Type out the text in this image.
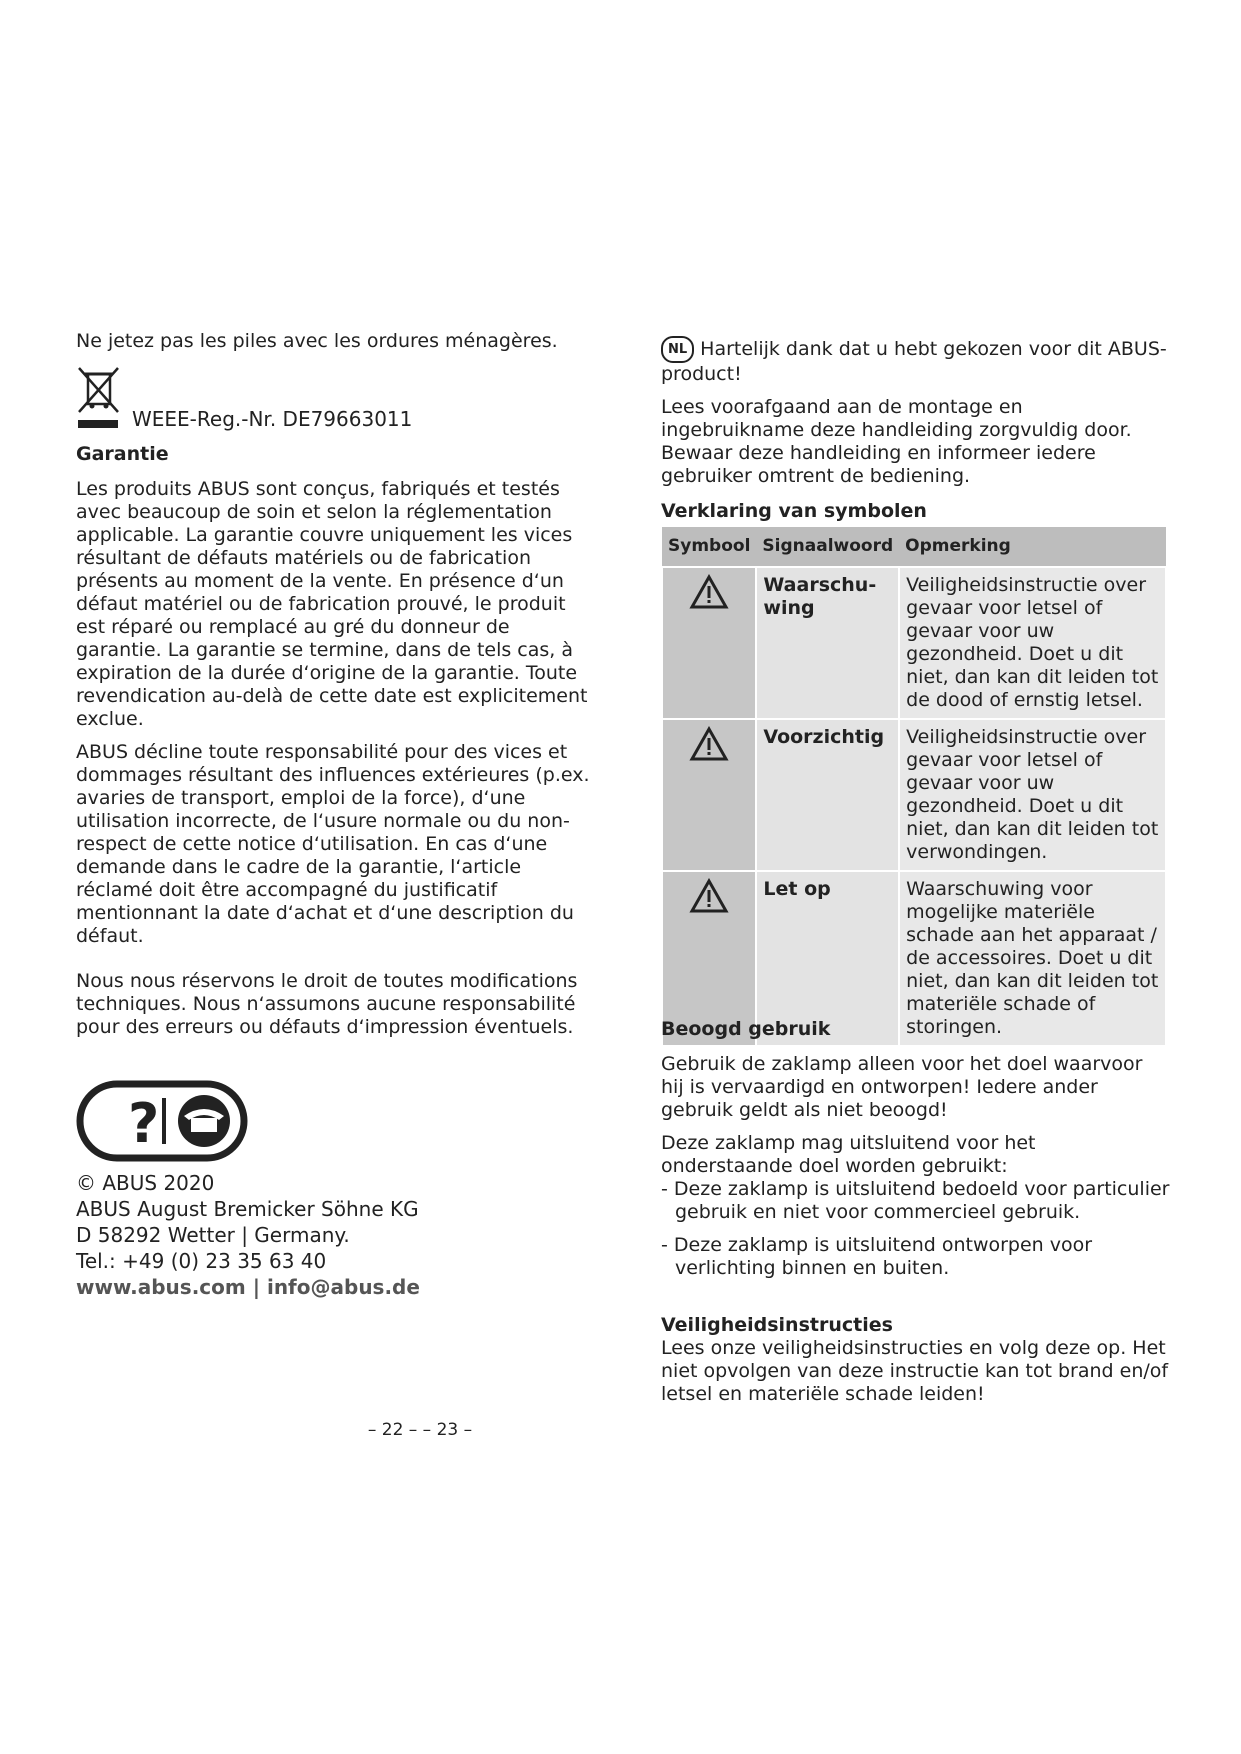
Ne jetez pas les piles avec les ordures ménagères.

WEEE-Reg.-Nr. DE79663011

Garantie

Les produits ABUS sont conçus, fabriqués et testés avec beaucoup de soin et selon la réglementation applicable. La garantie couvre uniquement les vices résultant de défauts matériels ou de fabrication présents au moment de la vente. En présence d‘un défaut matériel ou de fabrication prouvé, le produit est réparé ou remplacé au gré du donneur de garantie. La garantie se termine, dans de tels cas, à expiration de la durée d‘origine de la garantie. Toute revendication au-delà de cette date est explicitement exclue.

ABUS décline toute responsabilité pour des vices et dommages résultant des influences extérieures (p.ex. avaries de transport, emploi de la force), d‘une utilisation incorrecte, de l‘usure normale ou du non-respect de cette notice d‘utilisation. En cas d‘une demande dans le cadre de la garantie, l‘article réclamé doit être accompagné du justificatif mentionnant la date d‘achat et d‘une description du défaut.

Nous nous réservons le droit de toutes modifications techniques. Nous n‘assumons aucune responsabilité pour des erreurs ou défauts d‘impression éventuels.

?
© ABUS 2020
ABUS August Bremicker Söhne KG
D 58292 Wetter | Germany.
Tel.: +49 (0) 23 35 63 40
www.abus.com | info@abus.de
– 22 – – 23 –

NL Hartelijk dank dat u hebt gekozen voor dit ABUS-product!

Lees voorafgaand aan de montage en ingebruikname deze handleiding zorgvuldig door. Bewaar deze handleiding en informeer iedere gebruiker omtrent de bediening.

Verklaring van symbolen

Symbool	Signaalwoord	Opmerking
	Waarschu-wing	Veiligheidsinstructie over gevaar voor letsel of gevaar voor uw gezondheid. Doet u dit niet, dan kan dit leiden tot de dood of ernstig letsel.
	Voorzichtig	Veiligheidsinstructie over gevaar voor letsel of gevaar voor uw gezondheid. Doet u dit niet, dan kan dit leiden tot verwondingen.
	Let op	Waarschuwing voor mogelijke materiële schade aan het apparaat / de accessoires. Doet u dit niet, dan kan dit leiden tot materiële schade of storingen.

Beoogd gebruik

Gebruik de zaklamp alleen voor het doel waarvoor hij is vervaardigd en ontworpen! Iedere ander gebruik geldt als niet beoogd!

Deze zaklamp mag uitsluitend voor het onderstaande doel worden gebruikt:

- Deze zaklamp is uitsluitend bedoeld voor particulier gebruik en niet voor commercieel gebruik.

- Deze zaklamp is uitsluitend ontworpen voor verlichting binnen en buiten.

Veiligheidsinstructies

Lees onze veiligheidsinstructies en volg deze op. Het niet opvolgen van deze instructie kan tot brand en/of letsel en materiële schade leiden!
